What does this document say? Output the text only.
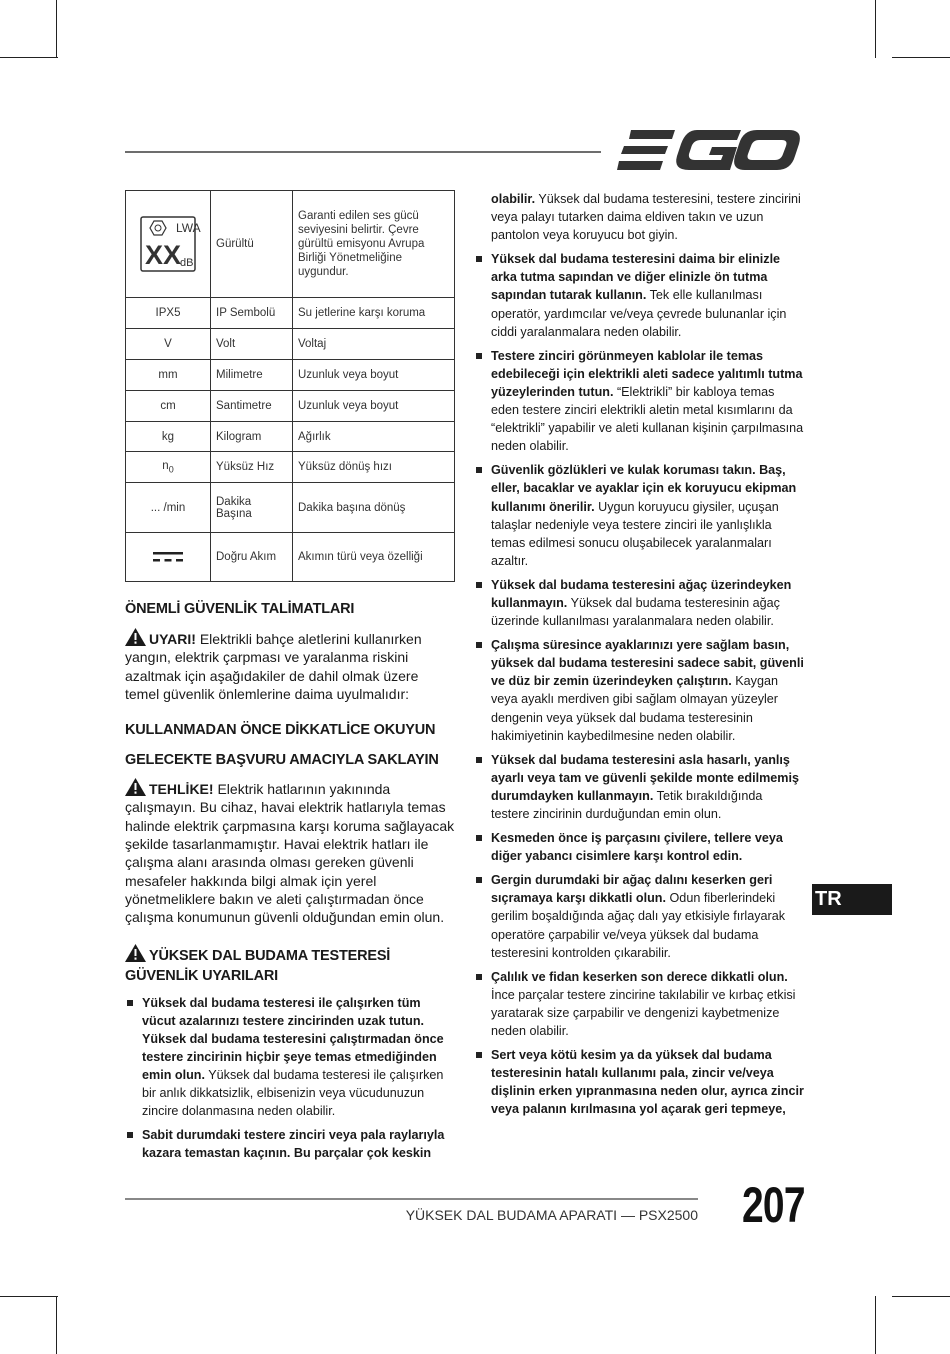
LWA
XX
dB	Gürültü	Garanti edilen ses gücü seviyesini belirtir. Çevre gürültü emisyonu Avrupa Birliği Yönetmeliğine uygundur.
IPX5	IP Sembolü	Su jetlerine karşı koruma
V	Volt	Voltaj
mm	Milimetre	Uzunluk veya boyut
cm	Santimetre	Uzunluk veya boyut
kg	Kilogram	Ağırlık
$n_0$	Yüksüz Hız	Yüksüz dönüş hızı
... /min	Dakika Başına	Dakika başına dönüş

	Doğru Akım	Akımın türü veya özelliği

ÖNEMLİ GÜVENLİK TALİMATLARI

UYARI! Elektrikli bahçe aletlerini kullanırken yangın, elektrik çarpması ve yaralanma riskini azaltmak için aşağıdakiler de dahil olmak üzere temel güvenlik önlemlerine daima uyulmalıdır:

KULLANMADAN ÖNCE DİKKATLİCE OKUYUN

GELECEKTE BAŞVURU AMACIYLA SAKLAYIN

TEHLİKE! Elektrik hatlarının yakınında çalışmayın. Bu cihaz, havai elektrik hatlarıyla temas halinde elektrik çarpmasına karşı koruma sağlayacak şekilde tasarlanmamıştır. Havai elektrik hatları ile çalışma alanı arasında olması gereken güvenli mesafeler hakkında bilgi almak için yerel yönetmeliklere bakın ve aleti çalıştırmadan önce çalışma konumunun güvenli olduğundan emin olun.

YÜKSEK DAL BUDAMA TESTERESİ GÜVENLİK UYARILARI

Yüksek dal budama testeresi ile çalışırken tüm vücut azalarınızı testere zincirinden uzak tutun. Yüksek dal budama testeresini çalıştırmadan önce testere zincirinin hiçbir şeye temas etmediğinden emin olun. Yüksek dal budama testeresi ile çalışırken bir anlık dikkatsizlik, elbisenizin veya vücudunuzun zincire dolanmasına neden olabilir.
Sabit durumdaki testere zinciri veya pala raylarıyla kazara temastan kaçının. Bu parçalar çok keskin
olabilir. Yüksek dal budama testeresini, testere zincirini veya palayı tutarken daima eldiven takın ve uzun pantolon veya koruyucu bot giyin.
Yüksek dal budama testeresini daima bir elinizle arka tutma sapından ve diğer elinizle ön tutma sapından tutarak kullanın. Tek elle kullanılması operatör, yardımcılar ve/veya çevrede bulunanlar için ciddi yaralanmalara neden olabilir.
Testere zinciri görünmeyen kablolar ile temas edebileceği için elektrikli aleti sadece yalıtımlı tutma yüzeylerinden tutun. “Elektrikli” bir kabloya temas eden testere zinciri elektrikli aletin metal kısımlarını da “elektrikli” yapabilir ve aleti kullanan kişinin çarpılmasına neden olabilir.
Güvenlik gözlükleri ve kulak koruması takın. Baş, eller, bacaklar ve ayaklar için ek koruyucu ekipman kullanımı önerilir. Uygun koruyucu giysiler, uçuşan talaşlar nedeniyle veya testere zinciri ile yanlışlıkla temas edilmesi sonucu oluşabilecek yaralanmaları azaltır.
Yüksek dal budama testeresini ağaç üzerindeyken kullanmayın. Yüksek dal budama testeresinin ağaç üzerinde kullanılması yaralanmalara neden olabilir.
Çalışma süresince ayaklarınızı yere sağlam basın, yüksek dal budama testeresini sadece sabit, güvenli ve düz bir zemin üzerindeyken çalıştırın. Kaygan veya ayaklı merdiven gibi sağlam olmayan yüzeyler dengenin veya yüksek dal budama testeresinin hakimiyetinin kaybedilmesine neden olabilir.
Yüksek dal budama testeresini asla hasarlı, yanlış ayarlı veya tam ve güvenli şekilde monte edilmemiş durumdayken kullanmayın. Tetik bırakıldığında testere zincirinin durduğundan emin olun.
Kesmeden önce iş parçasını çivilere, tellere veya diğer yabancı cisimlere karşı kontrol edin.
Gergin durumdaki bir ağaç dalını keserken geri sıçramaya karşı dikkatli olun. Odun fiberlerindeki gerilim boşaldığında ağaç dalı yay etkisiyle fırlayarak operatöre çarpabilir ve/veya yüksek dal budama testeresini kontrolden çıkarabilir.
Çalılık ve fidan keserken son derece dikkatli olun. İnce parçalar testere zincirine takılabilir ve kırbaç etkisi yaratarak size çarpabilir ve dengenizi kaybetmenize neden olabilir.
Sert veya kötü kesim ya da yüksek dal budama testeresinin hatalı kullanımı pala, zincir ve/veya dişlinin erken yıpranmasına neden olur, ayrıca zincir veya palanın kırılmasına yol açarak geri tepmeye,
TR
YÜKSEK DAL BUDAMA APARATI — PSX2500 207
